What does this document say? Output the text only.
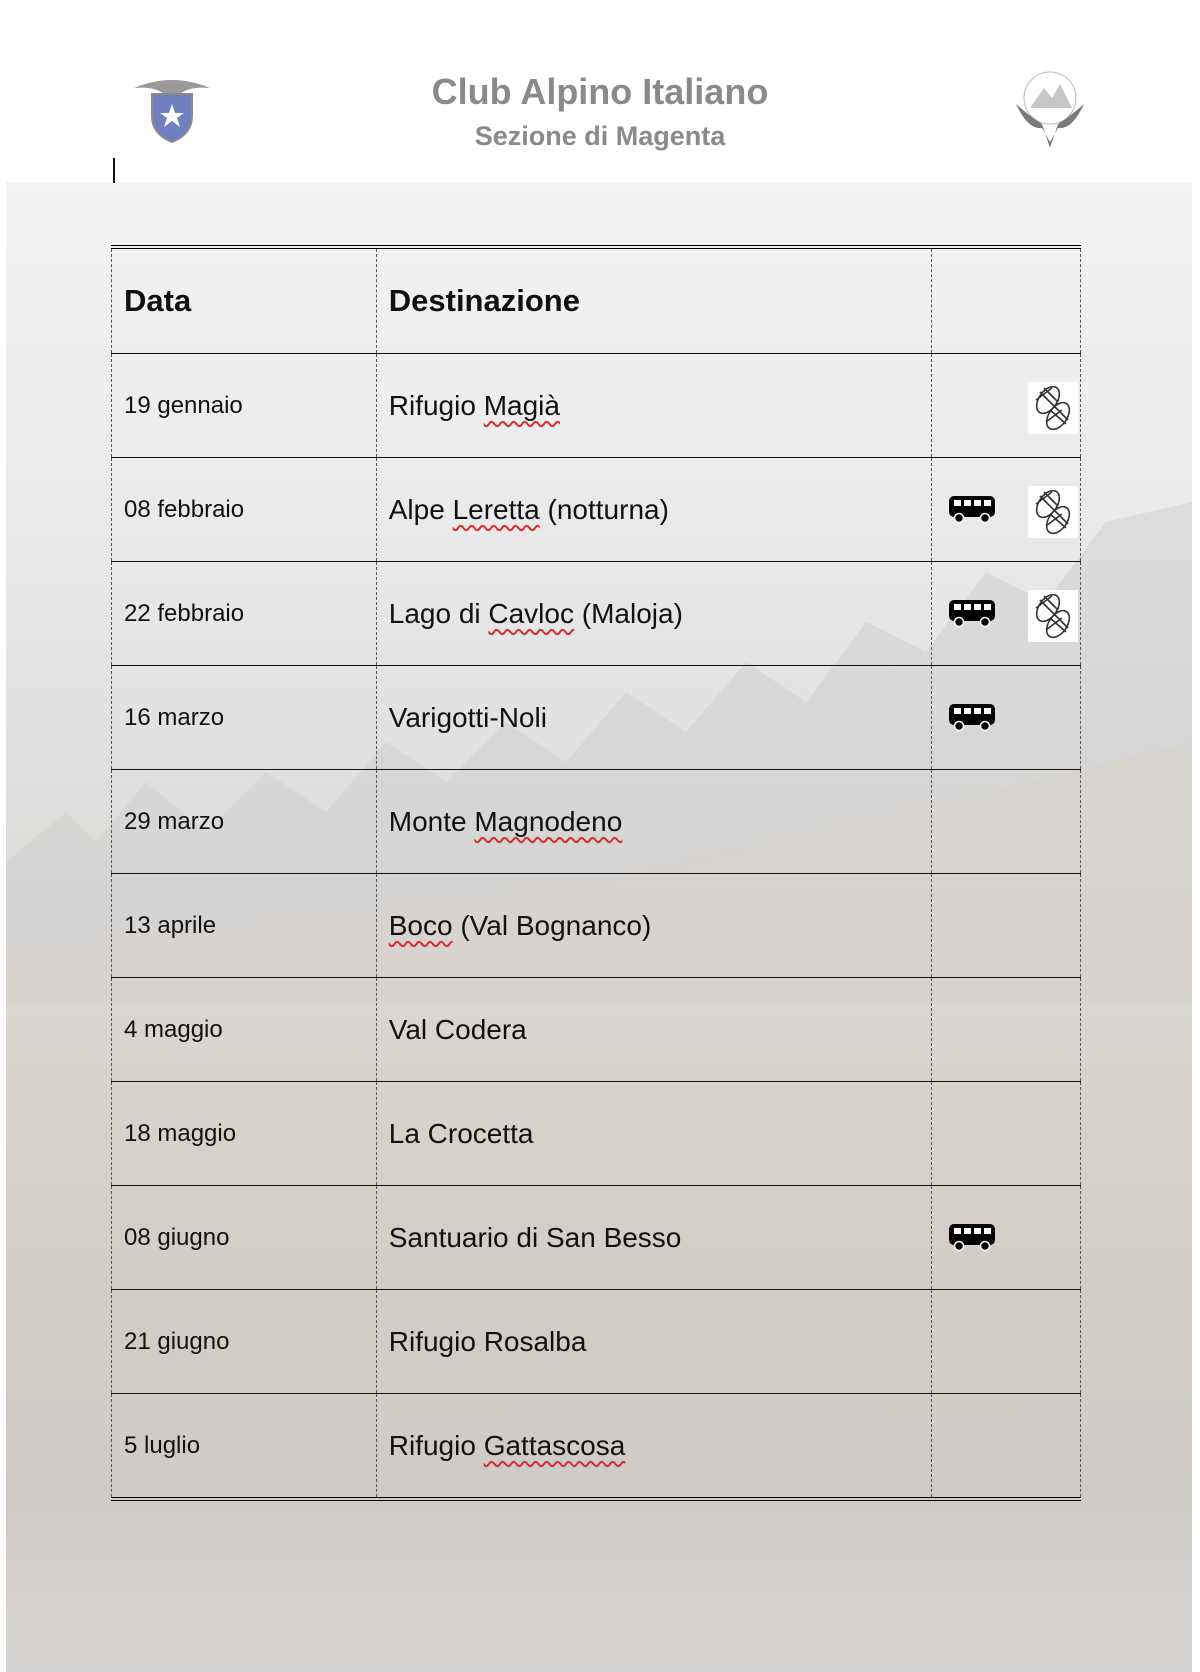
Club Alpino Italiano
Sezione di Magenta
Data	Destinazione	
19 gennaio	Rifugio Magià	

08 febbraio	Alpe Leretta (notturna)	

22 febbraio	Lago di Cavloc (Maloja)	

16 marzo	Varigotti-Noli	

29 marzo	Monte Magnodeno	
13 aprile	Boco (Val Bognanco)	
4 maggio	Val Codera	
18 maggio	La Crocetta	
08 giugno	Santuario di San Besso	

21 giugno	Rifugio Rosalba	
5 luglio	Rifugio Gattascosa	
